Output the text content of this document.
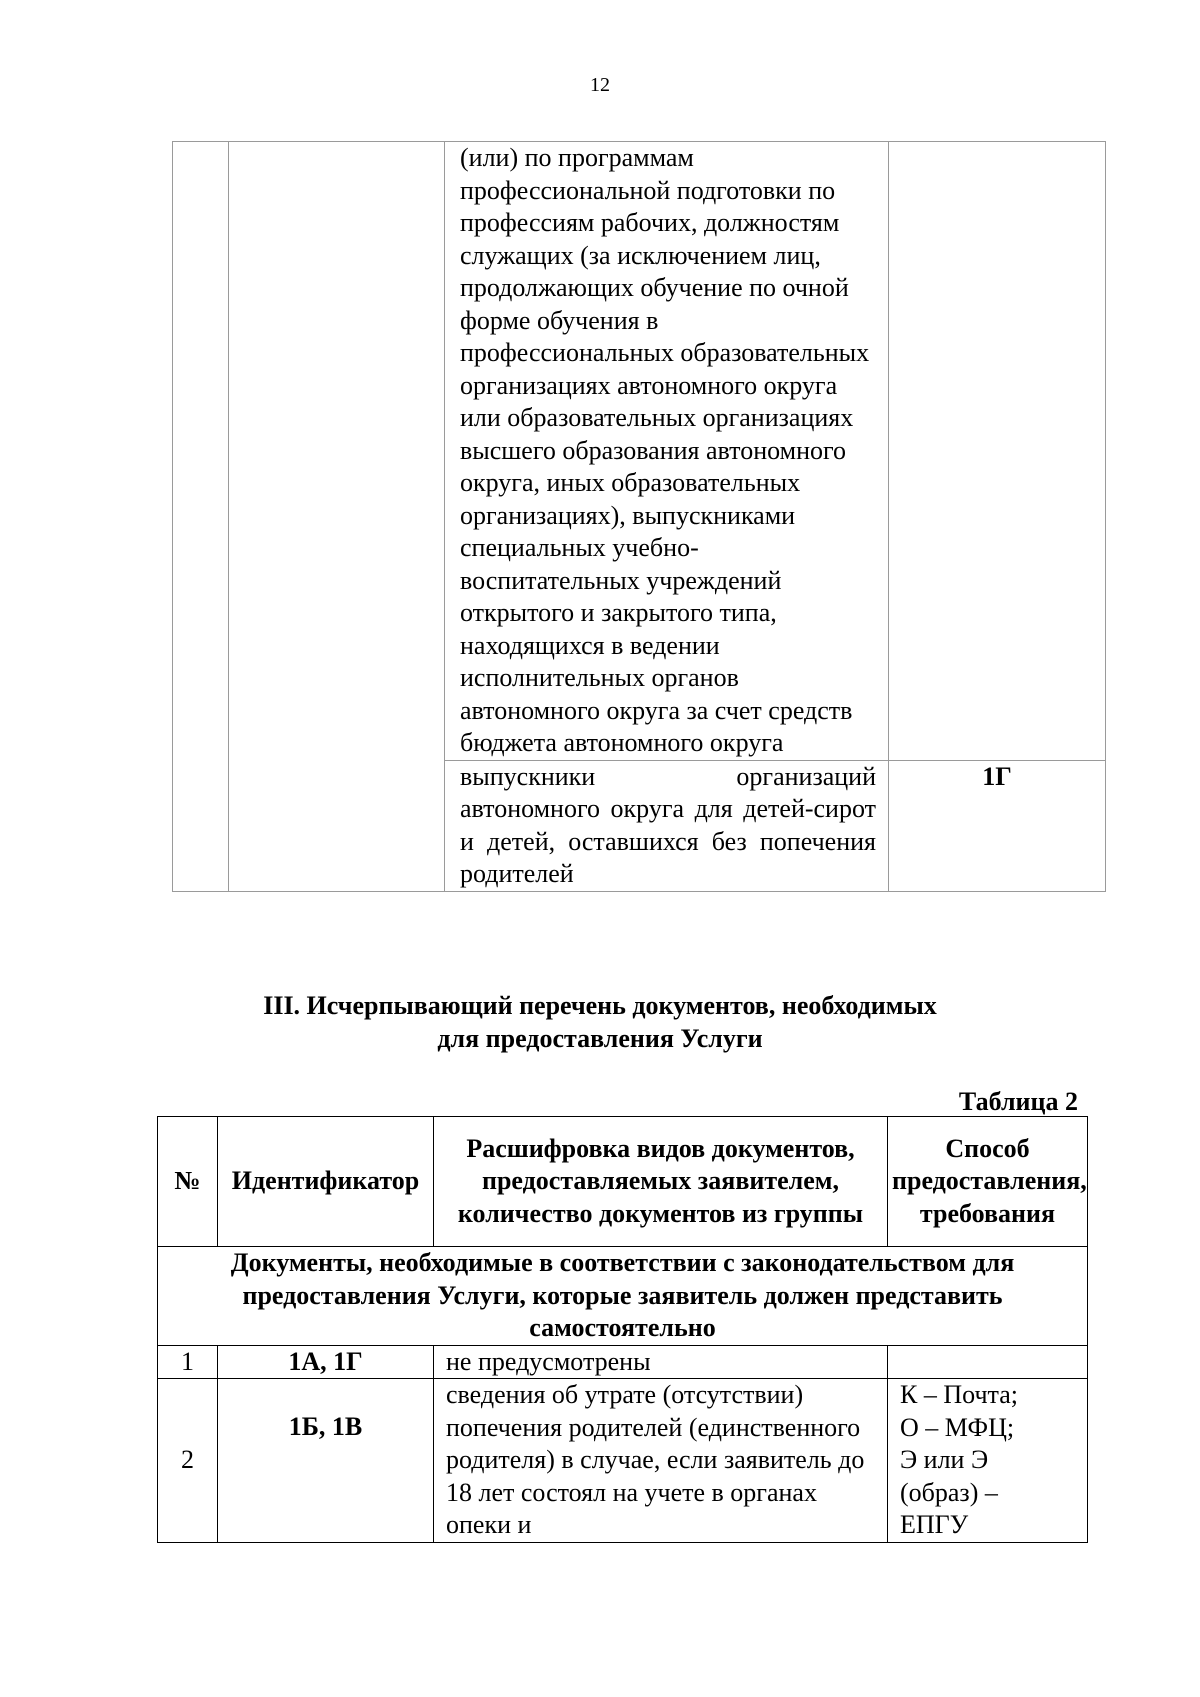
12
		(или) по программам профессиональной подготовки по профессиям рабочих, должностям служащих (за исключением лиц, продолжающих обучение по очной форме обучения в профессиональных образовательных организациях автономного округа или образовательных организациях высшего образования автономного округа, иных образовательных организациях), выпускниками специальных учебно-воспитательных учреждений открытого и закрытого типа, находящихся в ведении исполнительных органов автономного округа за счет средств бюджета автономного округа	
		выпускники организаций автономного округа для детей-сирот и детей, оставшихся без попечения родителей	1Г
III. Исчерпывающий перечень документов, необходимых
для предоставления Услуги
Таблица 2
№	Идентификатор	Расшифровка видов документов, предоставляемых заявителем, количество документов из группы	Способ предоставления, требования
Документы, необходимые в соответствии с законодательством для предоставления Услуги, которые заявитель должен представить самостоятельно			
1	1А, 1Г	не предусмотрены	
2	1Б, 1В	сведения об утрате (отсутствии) попечения родителей (единственного родителя) в случае, если заявитель до 18 лет состоял на учете в органах опеки и	К – Почта;
О – МФЦ;
Э или Э
(образ) –
ЕПГУ
